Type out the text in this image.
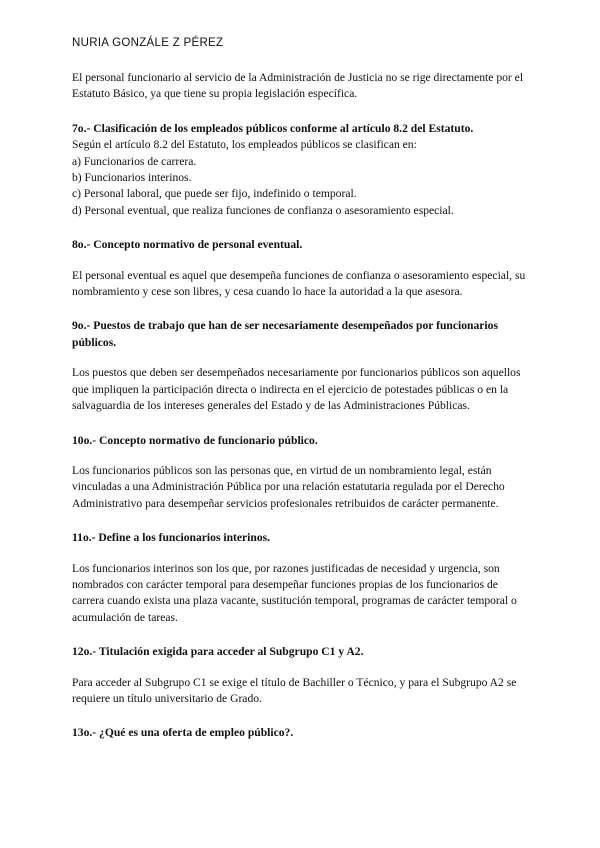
NURIA GONZÁLE Z PÉREZ

El personal funcionario al servicio de la Administración de Justicia no se rige directamente por el Estatuto Básico, ya que tiene su propia legislación específica.

7o.- Clasificación de los empleados públicos conforme al artículo 8.2 del Estatuto.

Según el artículo 8.2 del Estatuto, los empleados públicos se clasifican en:

a) Funcionarios de carrera.

b) Funcionarios interinos.

c) Personal laboral, que puede ser fijo, indefinido o temporal.

d) Personal eventual, que realiza funciones de confianza o asesoramiento especial.

8o.- Concepto normativo de personal eventual.

El personal eventual es aquel que desempeña funciones de confianza o asesoramiento especial, su nombramiento y cese son libres, y cesa cuando lo hace la autoridad a la que asesora.

9o.- Puestos de trabajo que han de ser necesariamente desempeñados por funcionarios públicos.

Los puestos que deben ser desempeñados necesariamente por funcionarios públicos son aquellos que impliquen la participación directa o indirecta en el ejercicio de potestades públicas o en la salvaguardia de los intereses generales del Estado y de las Administraciones Públicas.

10o.- Concepto normativo de funcionario público.

Los funcionarios públicos son las personas que, en virtud de un nombramiento legal, están vinculadas a una Administración Pública por una relación estatutaria regulada por el Derecho Administrativo para desempeñar servicios profesionales retribuidos de carácter permanente.

11o.- Define a los funcionarios interinos.

Los funcionarios interinos son los que, por razones justificadas de necesidad y urgencia, son nombrados con carácter temporal para desempeñar funciones propias de los funcionarios de carrera cuando exista una plaza vacante, sustitución temporal, programas de carácter temporal o acumulación de tareas.

12o.- Titulación exigida para acceder al Subgrupo C1 y A2.

Para acceder al Subgrupo C1 se exige el título de Bachiller o Técnico, y para el Subgrupo A2 se requiere un título universitario de Grado.

13o.- ¿Qué es una oferta de empleo público?.
